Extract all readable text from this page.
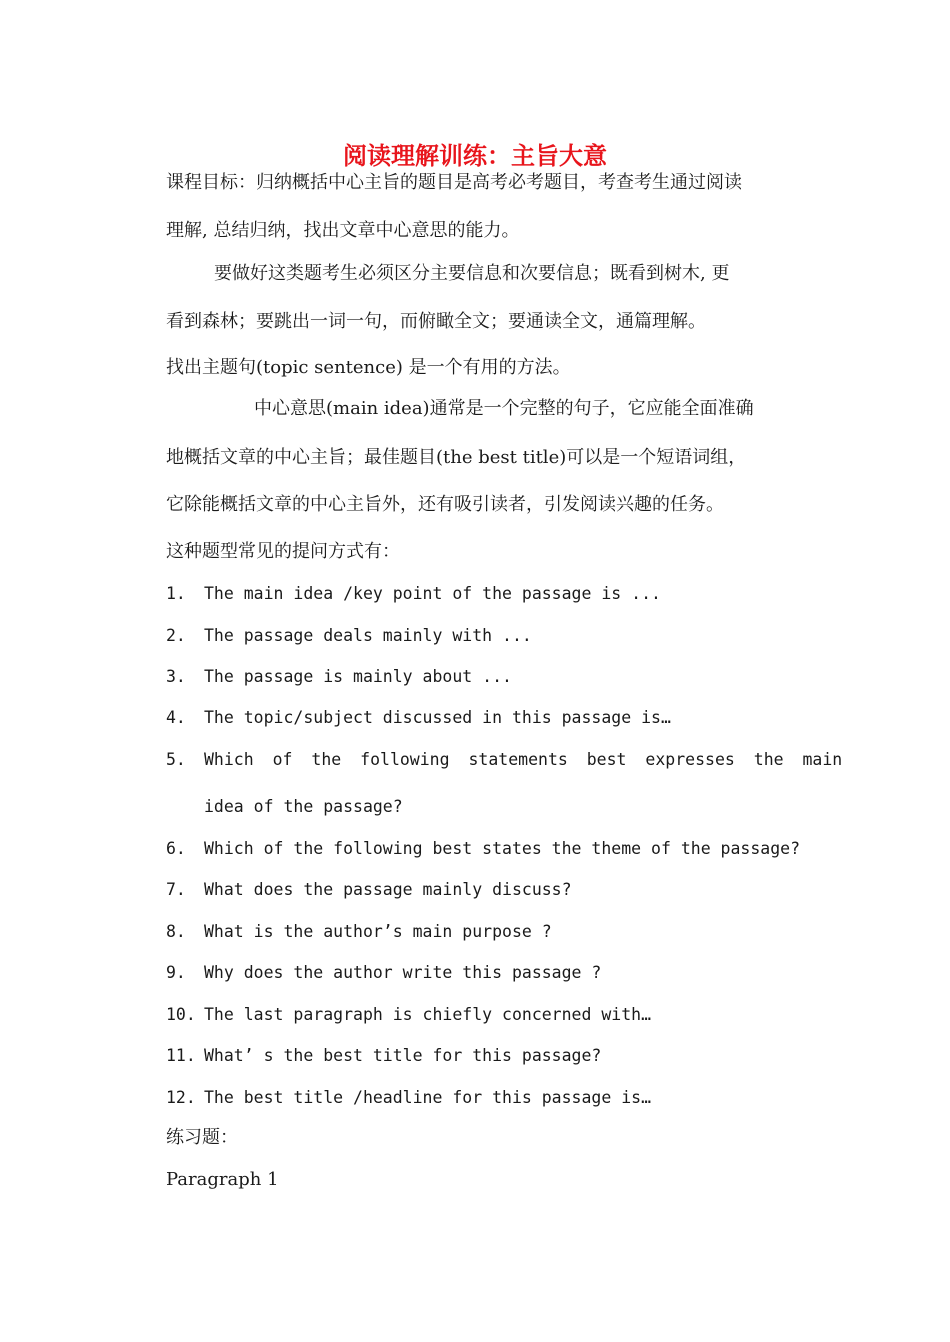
阅读理解训练：主旨大意
课程目标：归纳概括中心主旨的题目是高考必考题目，考查考生通过阅读
理解, 总结归纳，找出文章中心意思的能力。
要做好这类题考生必须区分主要信息和次要信息；既看到树木, 更
看到森林；要跳出一词一句，而俯瞰全文；要通读全文，通篇理解。
找出主题句(topic sentence) 是一个有用的方法。
中心意思(main idea)通常是一个完整的句子，它应能全面准确
地概括文章的中心主旨；最佳题目(the best title)可以是一个短语词组，
它除能概括文章的中心主旨外，还有吸引读者，引发阅读兴趣的任务。
这种题型常见的提问方式有：
1. The main idea /key point of the passage is ...
2. The passage deals mainly with ...
3. The passage is mainly about ...
4. The topic/subject discussed in this passage is…
5. Which of the following statements best expresses the main
idea of the passage?
6. Which of the following best states the theme of the passage?
7. What does the passage mainly discuss?
8. What is the author’s main purpose ?
9. Why does the author write this passage ?
10. The last paragraph is chiefly concerned with…
11. What’ s the best title for this passage?
12. The best title /headline for this passage is…
练习题：
Paragraph 1
